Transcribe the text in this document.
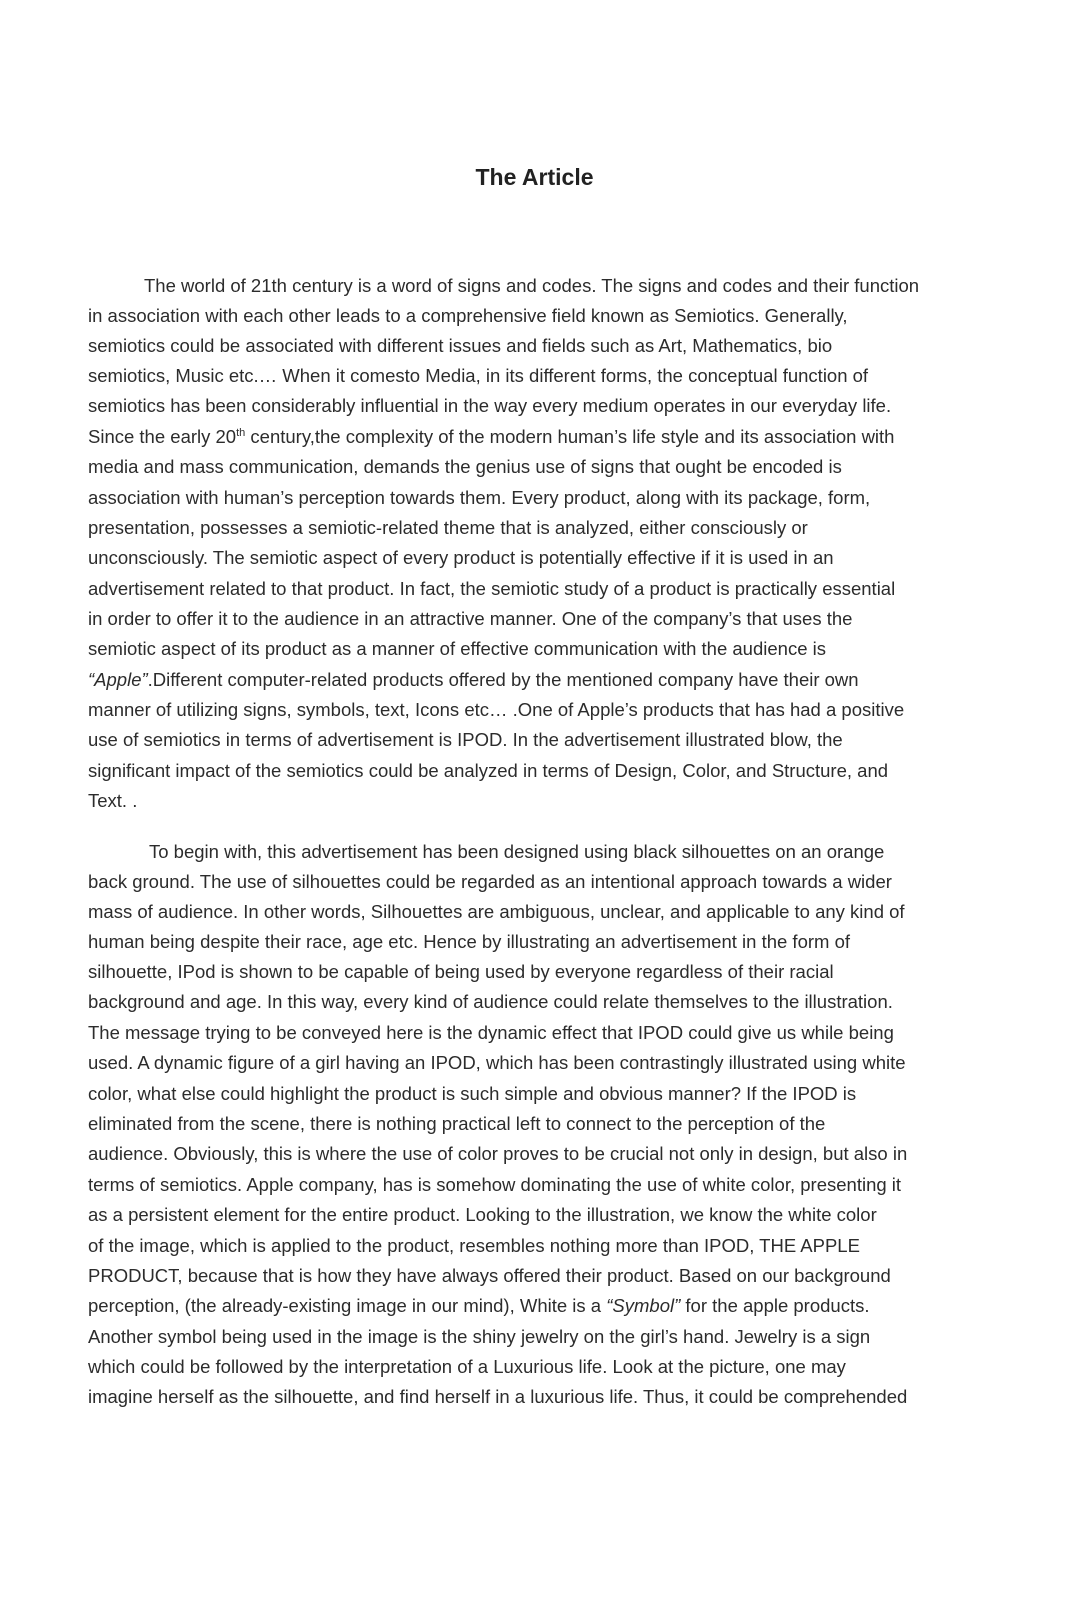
The Article

The world of 21th century is a word of signs and codes. The signs and codes and their function

in association with each other leads to a comprehensive field known as Semiotics. Generally,

semiotics could be associated with different issues and fields such as Art, Mathematics, bio

semiotics, Music etc.… When it comesto Media, in its different forms, the conceptual function of

semiotics has been considerably influential in the way every medium operates in our everyday life.

Since the early 20th century,the complexity of the modern human’s life style and its association with

media and mass communication, demands the genius use of signs that ought be encoded is

association with human’s perception towards them. Every product, along with its package, form,

presentation, possesses a semiotic-related theme that is analyzed, either consciously or

unconsciously. The semiotic aspect of every product is potentially effective if it is used in an

advertisement related to that product. In fact, the semiotic study of a product is practically essential

in order to offer it to the audience in an attractive manner. One of the company’s that uses the

semiotic aspect of its product as a manner of effective communication with the audience is

“Apple”.Different computer-related products offered by the mentioned company have their own

manner of utilizing signs, symbols, text, Icons etc… .One of Apple’s products that has had a positive

use of semiotics in terms of advertisement is IPOD. In the advertisement illustrated blow, the

significant impact of the semiotics could be analyzed in terms of Design, Color, and Structure, and

Text. .

To begin with, this advertisement has been designed using black silhouettes on an orange

back ground. The use of silhouettes could be regarded as an intentional approach towards a wider

mass of audience. In other words, Silhouettes are ambiguous, unclear, and applicable to any kind of

human being despite their race, age etc. Hence by illustrating an advertisement in the form of

silhouette, IPod is shown to be capable of being used by everyone regardless of their racial

background and age. In this way, every kind of audience could relate themselves to the illustration.

The message trying to be conveyed here is the dynamic effect that IPOD could give us while being

used. A dynamic figure of a girl having an IPOD, which has been contrastingly illustrated using white

color, what else could highlight the product is such simple and obvious manner? If the IPOD is

eliminated from the scene, there is nothing practical left to connect to the perception of the

audience. Obviously, this is where the use of color proves to be crucial not only in design, but also in

terms of semiotics. Apple company, has is somehow dominating the use of white color, presenting it

as a persistent element for the entire product. Looking to the illustration, we know the white color

of the image, which is applied to the product, resembles nothing more than IPOD, THE APPLE

PRODUCT, because that is how they have always offered their product. Based on our background

perception, (the already-existing image in our mind), White is a “Symbol” for the apple products.

Another symbol being used in the image is the shiny jewelry on the girl’s hand. Jewelry is a sign

which could be followed by the interpretation of a Luxurious life. Look at the picture, one may

imagine herself as the silhouette, and find herself in a luxurious life. Thus, it could be comprehended
